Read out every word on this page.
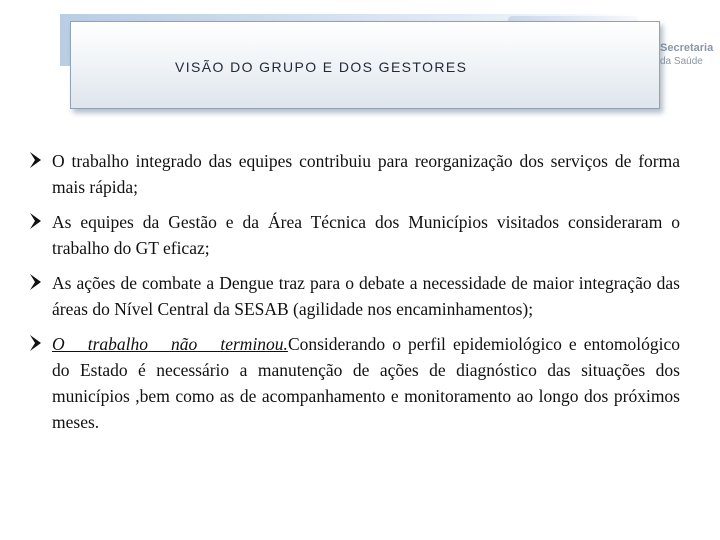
Secretaria
da Saúde
VISÃO DO GRUPO E DOS GESTORES
O trabalho integrado das equipes contribuiu para reorganização dos serviços de forma mais rápida;
As equipes da Gestão e da Área Técnica dos Municípios visitados consideraram o trabalho do GT eficaz;
As ações de combate a Dengue traz para o debate a necessidade de maior integração das áreas do Nível Central da SESAB (agilidade nos encaminhamentos);
O trabalho não terminou.Considerando o perfil epidemiológico e entomológico do Estado é necessário a manutenção de ações de diagnóstico das situações dos municípios ,bem como as de acompanhamento e monitoramento ao longo dos próximos meses.
